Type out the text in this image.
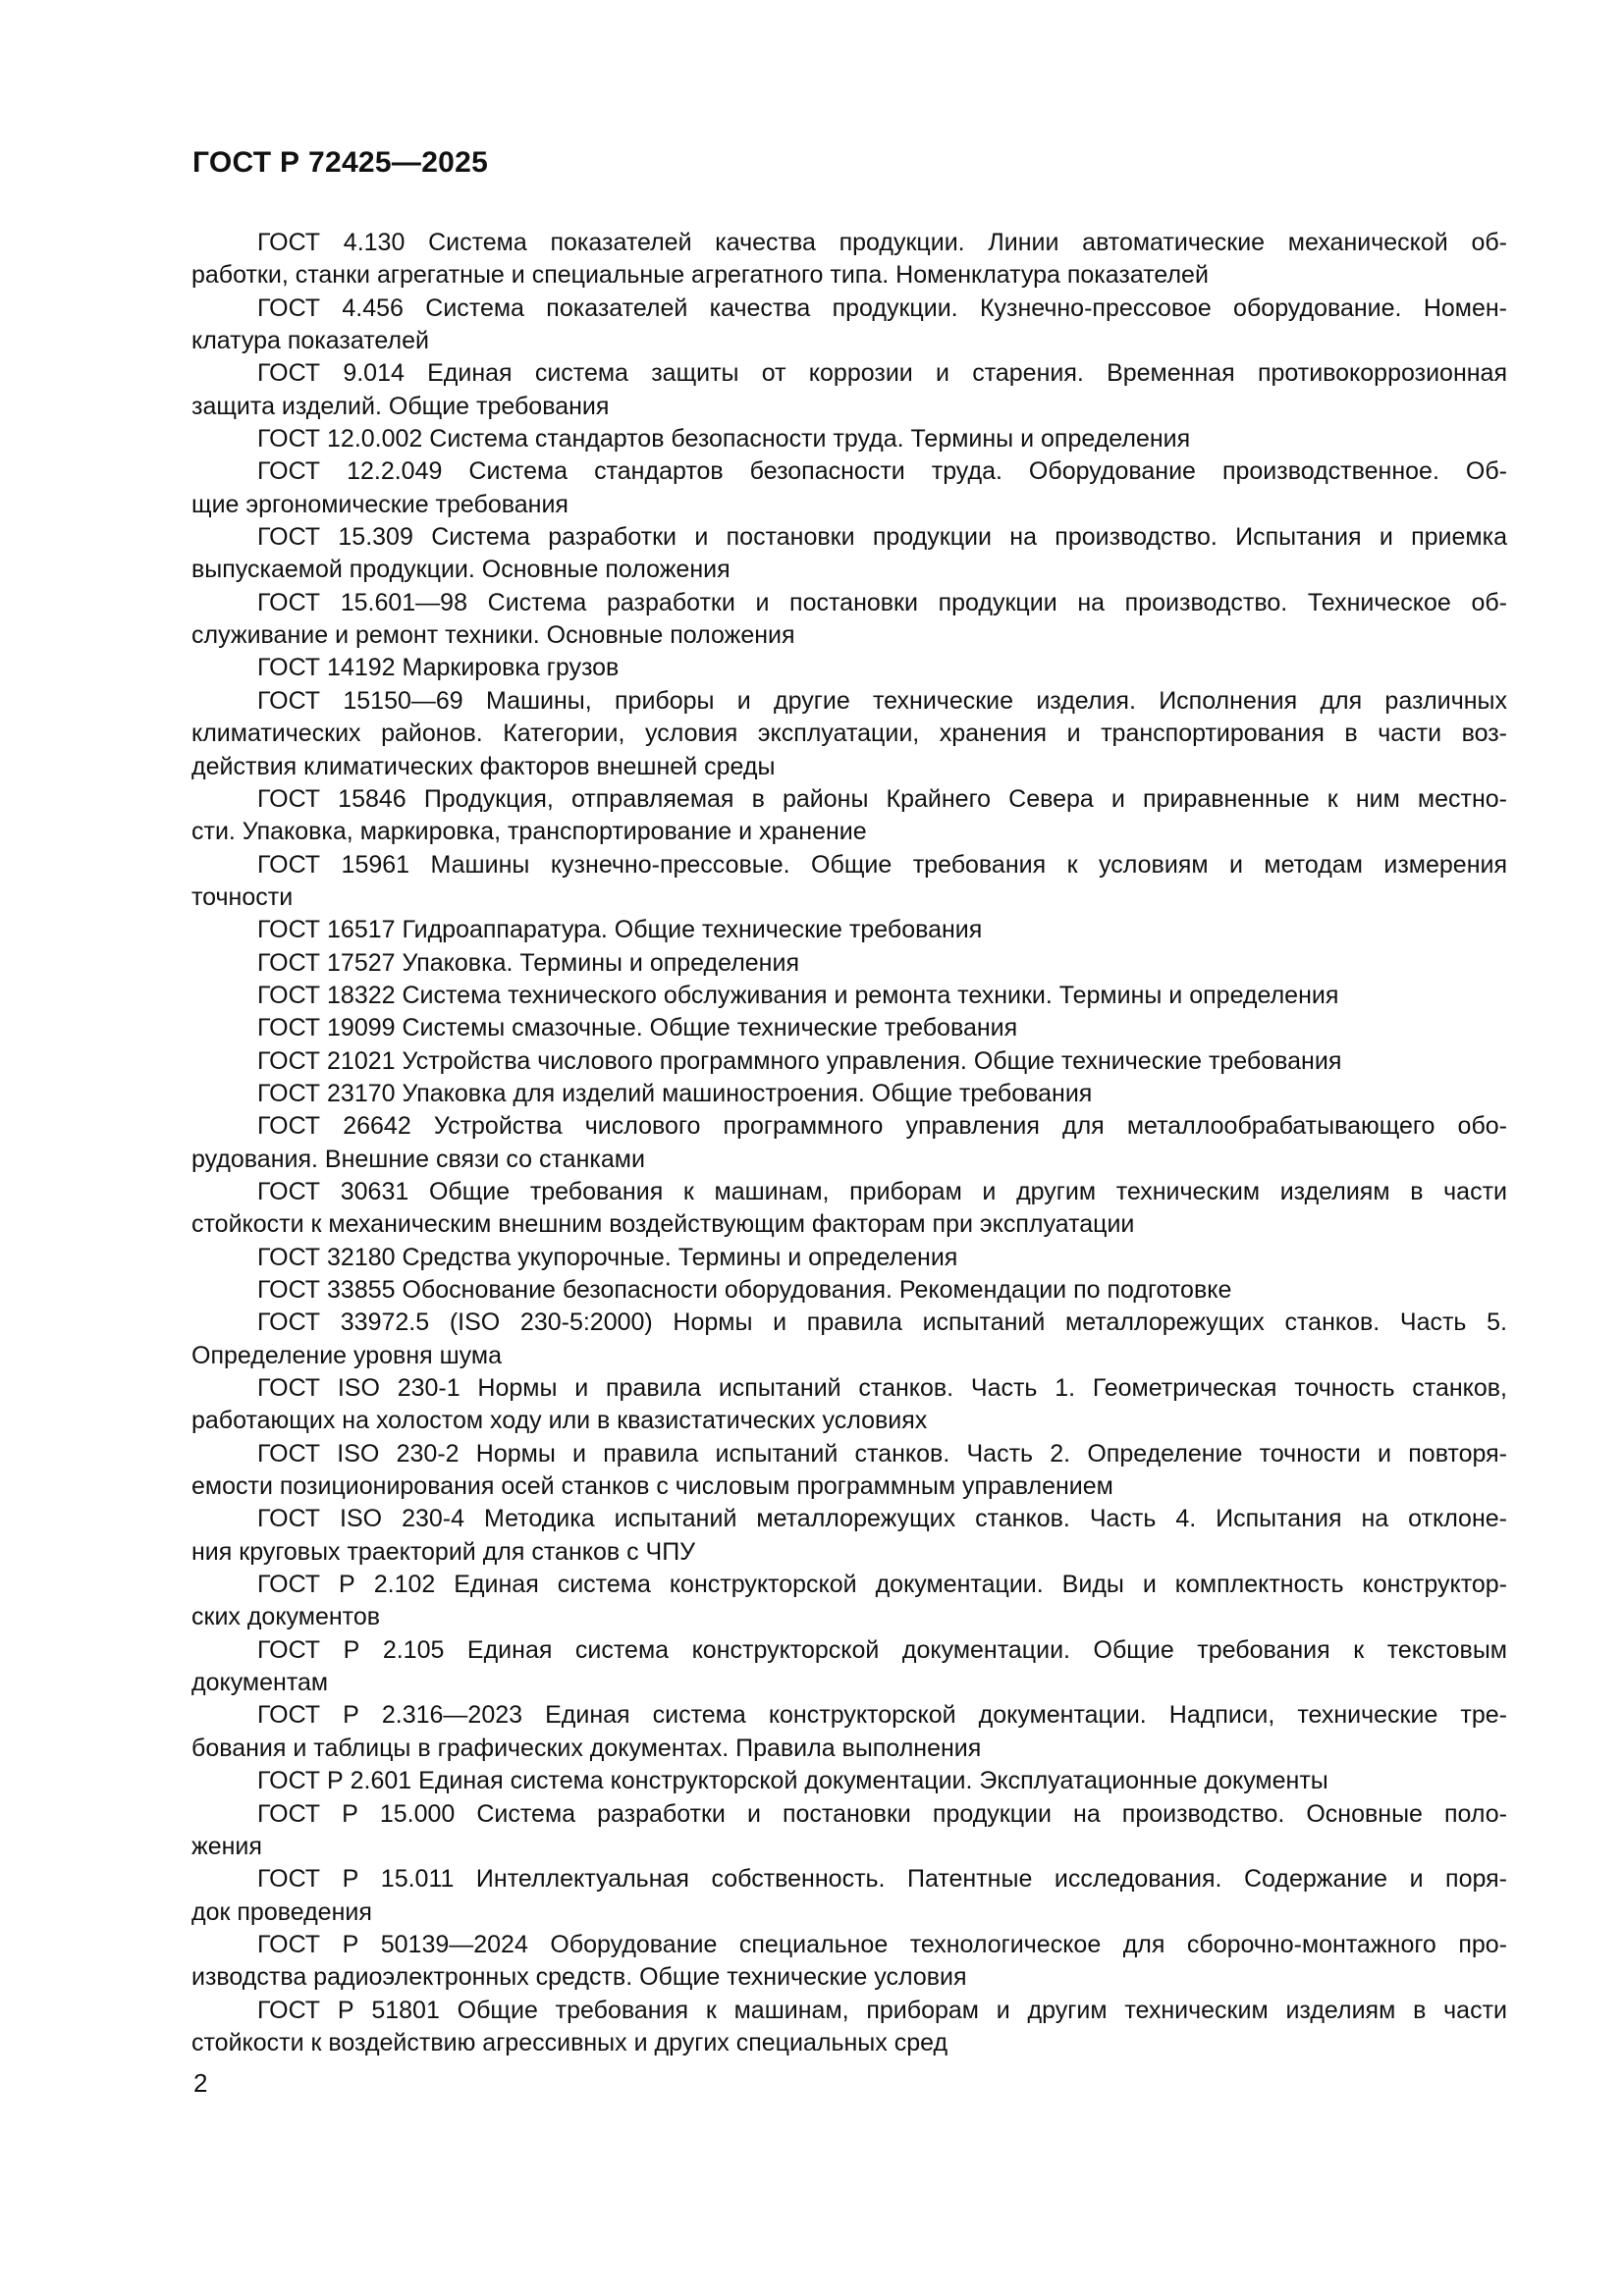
ГОСТ Р 72425—2025
ГОСТ 4.130 Система показателей качества продукции. Линии автоматические механической об-
работки, станки агрегатные и специальные агрегатного типа. Номенклатура показателей
ГОСТ 4.456 Система показателей качества продукции. Кузнечно-прессовое оборудование. Номен-
клатура показателей
ГОСТ 9.014 Единая система защиты от коррозии и старения. Временная противокоррозионная
защита изделий. Общие требования
ГОСТ 12.0.002 Система стандартов безопасности труда. Термины и определения
ГОСТ 12.2.049 Система стандартов безопасности труда. Оборудование производственное. Об-
щие эргономические требования
ГОСТ 15.309 Система разработки и постановки продукции на производство. Испытания и приемка
выпускаемой продукции. Основные положения
ГОСТ 15.601—98 Система разработки и постановки продукции на производство. Техническое об-
служивание и ремонт техники. Основные положения
ГОСТ 14192 Маркировка грузов
ГОСТ 15150—69 Машины, приборы и другие технические изделия. Исполнения для различных
климатических районов. Категории, условия эксплуатации, хранения и транспортирования в части воз-
действия климатических факторов внешней среды
ГОСТ 15846 Продукция, отправляемая в районы Крайнего Севера и приравненные к ним местно-
сти. Упаковка, маркировка, транспортирование и хранение
ГОСТ 15961 Машины кузнечно-прессовые. Общие требования к условиям и методам измерения
точности
ГОСТ 16517 Гидроаппаратура. Общие технические требования
ГОСТ 17527 Упаковка. Термины и определения
ГОСТ 18322 Система технического обслуживания и ремонта техники. Термины и определения
ГОСТ 19099 Системы смазочные. Общие технические требования
ГОСТ 21021 Устройства числового программного управления. Общие технические требования
ГОСТ 23170 Упаковка для изделий машиностроения. Общие требования
ГОСТ 26642 Устройства числового программного управления для металлообрабатывающего обо-
рудования. Внешние связи со станками
ГОСТ 30631 Общие требования к машинам, приборам и другим техническим изделиям в части
стойкости к механическим внешним воздействующим факторам при эксплуатации
ГОСТ 32180 Средства укупорочные. Термины и определения
ГОСТ 33855 Обоснование безопасности оборудования. Рекомендации по подготовке
ГОСТ 33972.5 (ISO 230-5:2000) Нормы и правила испытаний металлорежущих станков. Часть 5.
Определение уровня шума
ГОСТ ISO 230-1 Нормы и правила испытаний станков. Часть 1. Геометрическая точность станков,
работающих на холостом ходу или в квазистатических условиях
ГОСТ ISO 230-2 Нормы и правила испытаний станков. Часть 2. Определение точности и повторя-
емости позиционирования осей станков с числовым программным управлением
ГОСТ ISO 230-4 Методика испытаний металлорежущих станков. Часть 4. Испытания на отклоне-
ния круговых траекторий для станков с ЧПУ
ГОСТ Р 2.102 Единая система конструкторской документации. Виды и комплектность конструктор-
ских документов
ГОСТ Р 2.105 Единая система конструкторской документации. Общие требования к текстовым
документам
ГОСТ Р 2.316—2023 Единая система конструкторской документации. Надписи, технические тре-
бования и таблицы в графических документах. Правила выполнения
ГОСТ Р 2.601 Единая система конструкторской документации. Эксплуатационные документы
ГОСТ Р 15.000 Система разработки и постановки продукции на производство. Основные поло-
жения
ГОСТ Р 15.011 Интеллектуальная собственность. Патентные исследования. Содержание и поря-
док проведения
ГОСТ Р 50139—2024 Оборудование специальное технологическое для сборочно-монтажного про-
изводства радиоэлектронных средств. Общие технические условия
ГОСТ Р 51801 Общие требования к машинам, приборам и другим техническим изделиям в части
стойкости к воздействию агрессивных и других специальных сред
2
